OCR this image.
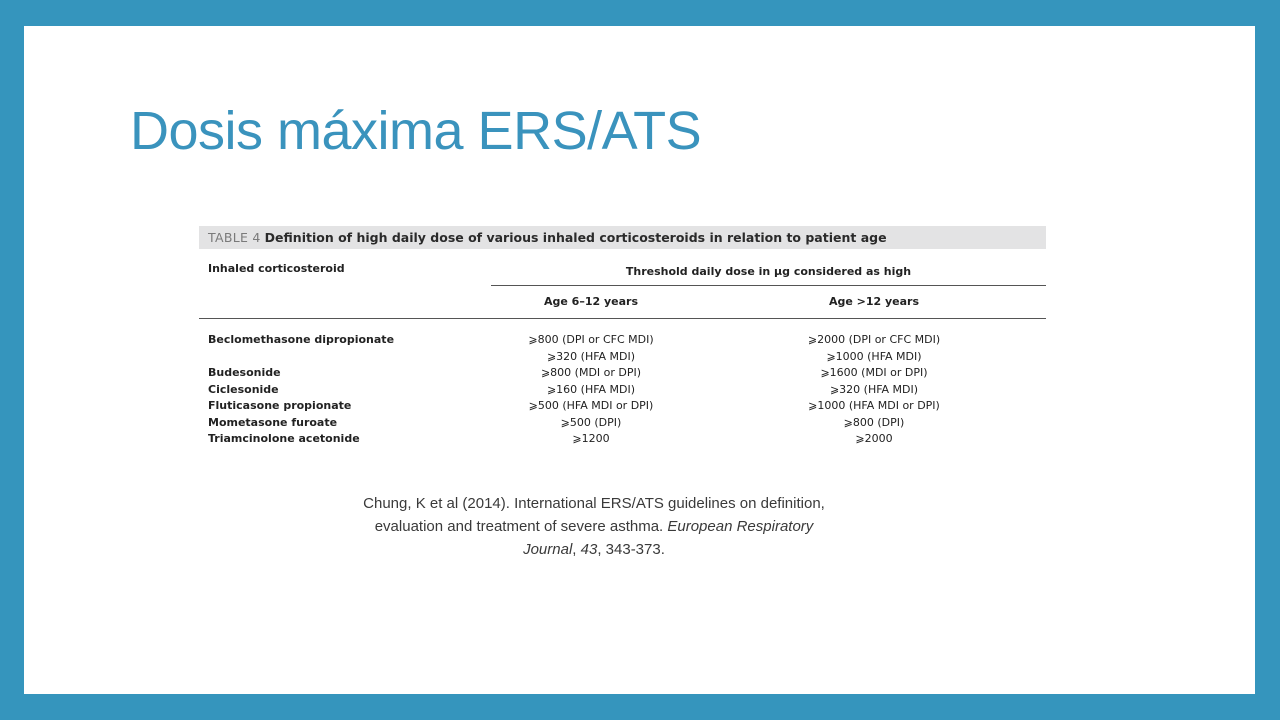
Dosis máxima ERS/ATS
TABLE 4 Definition of high daily dose of various inhaled corticosteroids in relation to patient age
Inhaled corticosteroid	Threshold daily dose in µg considered as high
Age 6–12 years	Age >12 years
Beclomethasone dipropionate	⩾800 (DPI or CFC MDI)	⩾2000 (DPI or CFC MDI)
⩾320 (HFA MDI)	⩾1000 (HFA MDI)
Budesonide	⩾800 (MDI or DPI)	⩾1600 (MDI or DPI)
Ciclesonide	⩾160 (HFA MDI)	⩾320 (HFA MDI)
Fluticasone propionate	⩾500 (HFA MDI or DPI)	⩾1000 (HFA MDI or DPI)
Mometasone furoate	⩾500 (DPI)	⩾800 (DPI)
Triamcinolone acetonide	⩾1200	⩾2000
Chung, K et al (2014). International ERS/ATS guidelines on definition,
evaluation and treatment of severe asthma. European Respiratory
Journal, 43, 343-373.
